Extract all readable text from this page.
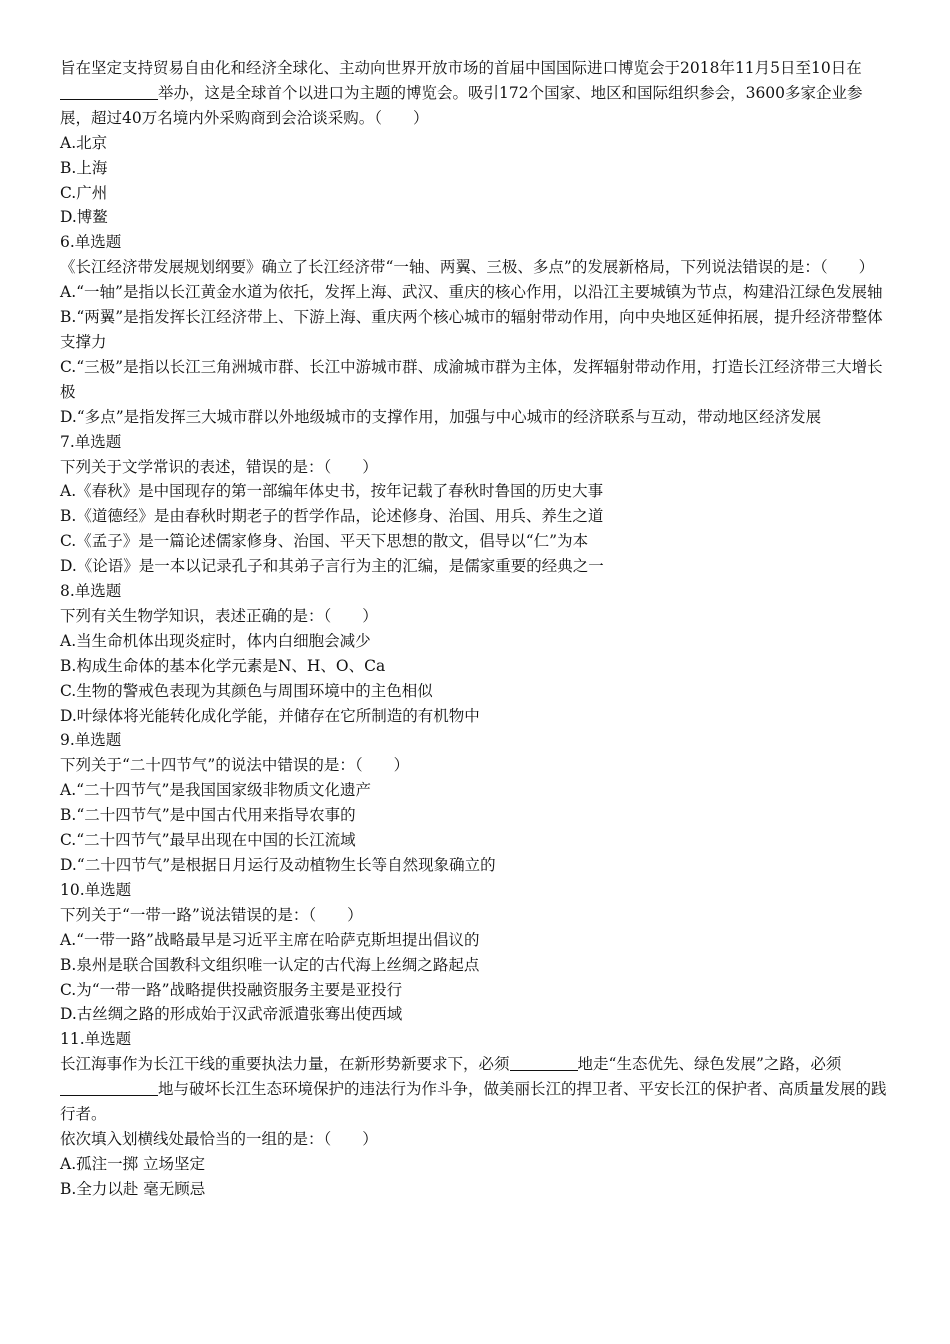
旨在坚定支持贸易自由化和经济全球化、主动向世界开放市场的首届中国国际进口博览会于2018年11月5日至10日在举办，这是全球首个以进口为主题的博览会。吸引172个国家、地区和国际组织参会，3600多家企业参展，超过40万名境内外采购商到会洽谈采购。（　　）
A.北京
B.上海
C.广州
D.博鳌
6.单选题
《长江经济带发展规划纲要》确立了长江经济带“一轴、两翼、三极、多点”的发展新格局，下列说法错误的是：（　　）
A.“一轴”是指以长江黄金水道为依托，发挥上海、武汉、重庆的核心作用，以沿江主要城镇为节点，构建沿江绿色发展轴
B.“两翼”是指发挥长江经济带上、下游上海、重庆两个核心城市的辐射带动作用，向中央地区延伸拓展，提升经济带整体支撑力
C.“三极”是指以长江三角洲城市群、长江中游城市群、成渝城市群为主体，发挥辐射带动作用，打造长江经济带三大增长极
D.“多点”是指发挥三大城市群以外地级城市的支撑作用，加强与中心城市的经济联系与互动，带动地区经济发展
7.单选题
下列关于文学常识的表述，错误的是：（　　）
A.《春秋》是中国现存的第一部编年体史书，按年记载了春秋时鲁国的历史大事
B.《道德经》是由春秋时期老子的哲学作品，论述修身、治国、用兵、养生之道
C.《孟子》是一篇论述儒家修身、治国、平天下思想的散文，倡导以“仁”为本
D.《论语》是一本以记录孔子和其弟子言行为主的汇编，是儒家重要的经典之一
8.单选题
下列有关生物学知识，表述正确的是：（　　）
A.当生命机体出现炎症时，体内白细胞会减少
B.构成生命体的基本化学元素是N、H、O、Ca
C.生物的警戒色表现为其颜色与周围环境中的主色相似
D.叶绿体将光能转化成化学能，并储存在它所制造的有机物中
9.单选题
下列关于“二十四节气”的说法中错误的是：（　　）
A.“二十四节气”是我国国家级非物质文化遗产
B.“二十四节气”是中国古代用来指导农事的
C.“二十四节气”最早出现在中国的长江流域
D.“二十四节气”是根据日月运行及动植物生长等自然现象确立的
10.单选题
下列关于“一带一路”说法错误的是：（　　）
A.“一带一路”战略最早是习近平主席在哈萨克斯坦提出倡议的
B.泉州是联合国教科文组织唯一认定的古代海上丝绸之路起点
C.为“一带一路”战略提供投融资服务主要是亚投行
D.古丝绸之路的形成始于汉武帝派遣张骞出使西域
11.单选题
长江海事作为长江干线的重要执法力量，在新形势新要求下，必须	地走“生态优先、绿色发展”之路，必须地与破坏长江生态环境保护的违法行为作斗争，做美丽长江的捍卫者、平安长江的保护者、高质量发展的践行者。
依次填入划横线处最恰当的一组的是：（　　）
A.孤注一掷 立场坚定
B.全力以赴 毫无顾忌
